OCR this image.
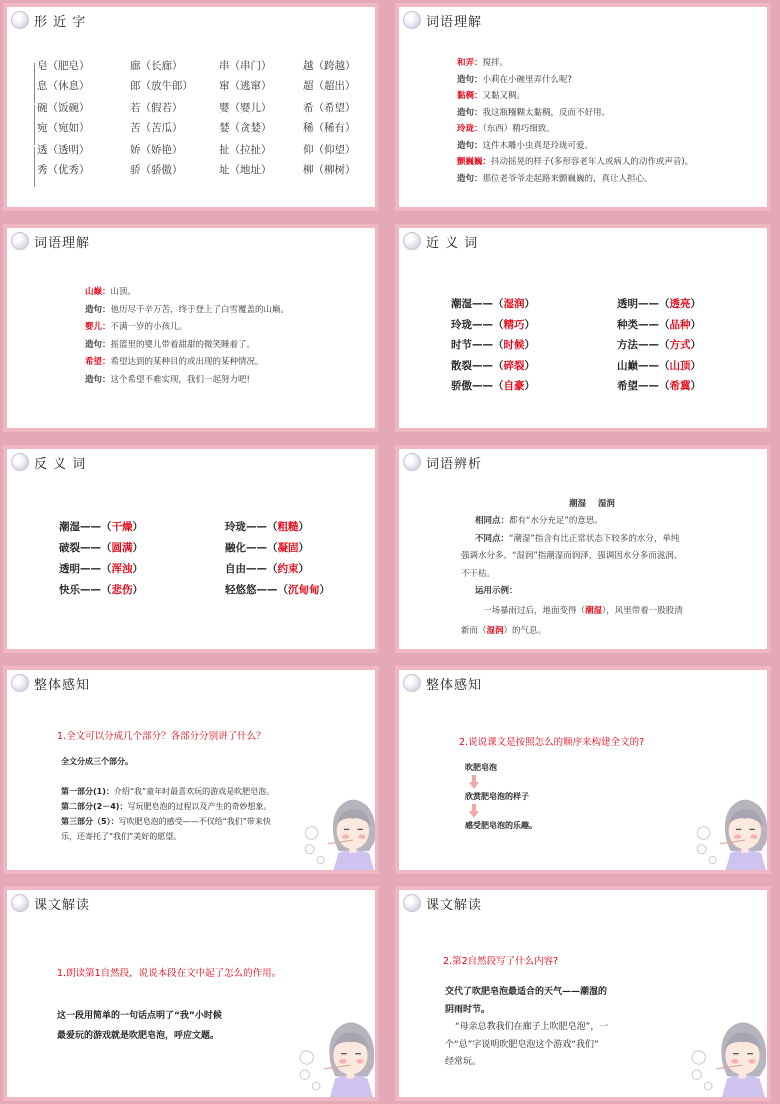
形 近 字
皂（肥皂）
息（休息）
廊（长廊）
郎（放牛郎）
串（串门）
窜（逃窜）
越（跨越）
超（超出）
碗（饭碗）
宛（宛如）
若（假若）
苦（苦瓜）
婴（婴儿）
婪（贪婪）
希（希望）
稀（稀有）
透（透明）
秀（优秀）
娇（娇艳）
骄（骄傲）
扯（拉扯）
址（地址）
仰（仰望）
柳（柳树）
词语理解
和弄：搅拌。
造句：小莉在小碗里弄什么呢?
黏稠：又黏又稠。
造句：我这瓶糨糊太黏稠，反而不好用。
玲珑：（东西）精巧细致。
造句：这件木雕小虫真是玲珑可爱。
颤巍巍：抖动摇晃的样子(多形容老年人或病人的动作或声音)。
造句：那位老爷爷走起路来颤巍巍的，真让人担心。
词语理解
山巅：山顶。
造句：他历尽千辛万苦，终于登上了白雪覆盖的山巅。
婴儿：不满一岁的小孩儿。
造句：摇篮里的婴儿带着甜甜的微笑睡着了。
希望：希望达到的某种目的或出现的某种情况。
造句：这个希望不难实现，我们一起努力吧!
近 义 词
潮湿——（湿润）
玲珑——（精巧）
时节——（时候）
散裂——（碎裂）
骄傲——（自豪）
透明——（透亮）
种类——（品种）
方法——（方式）
山巅——（山顶）
希望——（希冀）
反 义 词
潮湿——（干燥）
破裂——（圆满）
透明——（浑浊）
快乐——（悲伤）
玲珑——（粗糙）
融化——（凝固）
自由——（约束）
轻悠悠——（沉甸甸）
词语辨析
潮湿    湿润
相同点：都有“水分充足”的意思。
不同点：“潮湿”指含有比正常状态下较多的水分，单纯
强调水分多。“湿润”指潮湿而润泽，强调因水分多而滋润、
不干枯。
运用示例：
一场暴雨过后，地面变得（潮湿），风里带着一股股清
新而（湿润）的气息。
整体感知
1.全文可以分成几个部分？各部分分别讲了什么？
全文分成三个部分。
第一部分(1)：介绍“我”童年时最喜欢玩的游戏是吹肥皂泡。
第二部分(2－4)：写玩肥皂泡的过程以及产生的奇妙想象。
第三部分（5）：写吹肥皂泡的感受——不仅给“我们”带来快
乐，还寄托了“我们”美好的愿望。
整体感知
2.说说课文是按照怎么的顺序来构建全文的?
吹肥皂泡
欣赏肥皂泡的样子
感受肥皂泡的乐趣。
课文解读
1.朗读第1自然段，说说本段在文中起了怎么的作用。
这一段用简单的一句话点明了“我”小时候
最爱玩的游戏就是吹肥皂泡，呼应文题。
课文解读
2.第2自然段写了什么内容?
交代了吹肥皂泡最适合的天气——潮湿的
阴雨时节。
“母亲总教我们在廊子上吹肥皂泡”，一
个“总”字说明吹肥皂泡这个游戏“我们”
经常玩。
